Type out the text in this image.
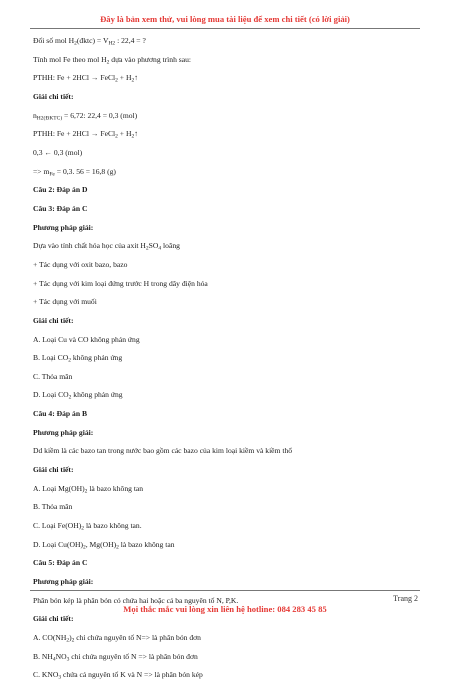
Đây là bản xem thử, vui lòng mua tài liệu để xem chi tiết (có lời giải)
Đối số mol $H_2(đktc) = V_{H2}$ : 22,4 = ?
Tính mol Fe theo mol $H_2$ dựa vào phương trình sau:
PTHH: Fe + 2HCl → FeCl$_2$ + $H_2↑$
Giải chi tiết:
$n_{H2(ĐKTC)} = 6,72$: 22,4 = 0,3 (mol)
PTHH: Fe + 2HCl → FeCl$_2$ + $H_2↑$
0,3 ← 0,3 (mol)
=> $m_{Fe} = 0,3$. 56 = 16,8 (g)
Câu 2: Đáp án D
Câu 3: Đáp án C
Phương pháp giải:
Dựa vào tính chất hóa học của axit $H_2SO_4$ loãng
+ Tác dụng với oxit bazo, bazo
+ Tác dụng với kim loại đứng trước H trong dãy điện hóa
+ Tác dụng với muối
Giải chi tiết:
A. Loại Cu và CO không phản ứng
B. Loại $CO_2$ không phản ứng
C. Thỏa mãn
D. Loại $CO_2$ không phản ứng
Câu 4: Đáp án B
Phương pháp giải:
Dd kiềm là các bazo tan trong nước bao gồm các bazo của kim loại kiềm và kiềm thổ
Giải chi tiết:
A. Loại $Mg(OH)_2$ là bazo không tan
B. Thỏa mãn
C. Loại $Fe(OH)_2$ là bazo không tan.
D. Loại $Cu(OH)_2$, $Mg(OH)_2$ là bazo không tan
Câu 5: Đáp án C
Phương pháp giải:
Phân bón kép là phân bón có chứa hai hoặc cả ba nguyên tố N, P,K.
Giải chi tiết:
A. $CO(NH_2)_2$ chỉ chứa nguyên tố N=> là phân bón đơn
B. $NH_4NO_3$ chỉ chứa nguyên tố N => là phân bón đơn
C. $KNO_3$ chứa cả nguyên tố K và N => là phân bón kép
Trang 2
Mọi thắc mắc vui lòng xin liên hệ hotline: 084 283 45 85
